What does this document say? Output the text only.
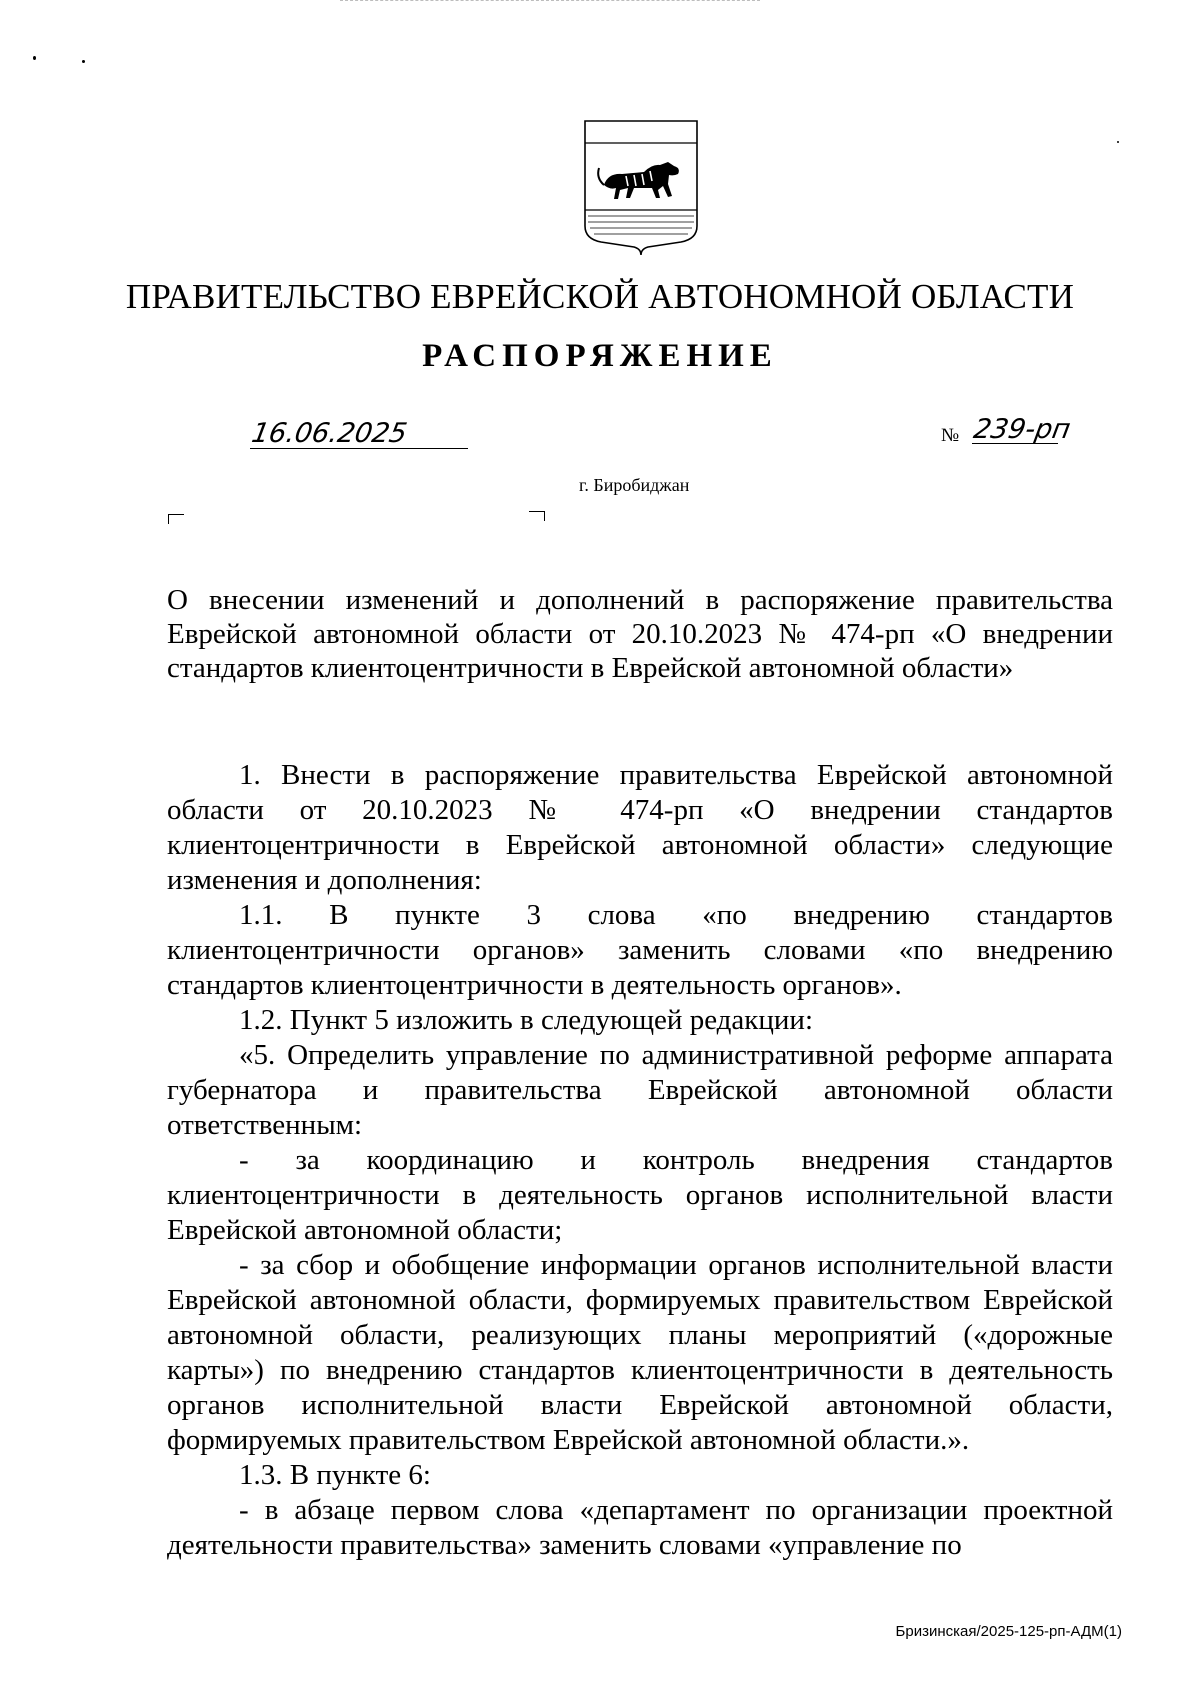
ПРАВИТЕЛЬСТВО ЕВРЕЙСКОЙ АВТОНОМНОЙ ОБЛАСТИ
РАСПОРЯЖЕНИЕ
16.06.2025	№ 239-рп
г. Биробиджан
О внесении изменений и дополнений в распоряжение правительства Еврейской автономной области от 20.10.2023 № 474-рп «О внедрении стандартов клиентоцентричности в Еврейской автономной области»

1. Внести в распоряжение правительства Еврейской автономной области от 20.10.2023 № 474-рп «О внедрении стандартов клиентоцентричности в Еврейской автономной области» следующие изменения и дополнения:

1.1. В пункте 3 слова «по внедрению стандартов клиентоцентричности органов» заменить словами «по внедрению стандартов клиентоцентричности в деятельность органов».

1.2. Пункт 5 изложить в следующей редакции:

«5. Определить управление по административной реформе аппарата губернатора и правительства Еврейской автономной области ответственным:

- за координацию и контроль внедрения стандартов клиентоцентричности в деятельность органов исполнительной власти Еврейской автономной области;

- за сбор и обобщение информации органов исполнительной власти Еврейской автономной области, формируемых правительством Еврейской автономной области, реализующих планы мероприятий («дорожные карты») по внедрению стандартов клиентоцентричности в деятельность органов исполнительной власти Еврейской автономной области, формируемых правительством Еврейской автономной области.».

1.3. В пункте 6:

- в абзаце первом слова «департамент по организации проектной деятельности правительства» заменить словами «управление по

Бризинская/2025-125-рп-АДМ(1)
